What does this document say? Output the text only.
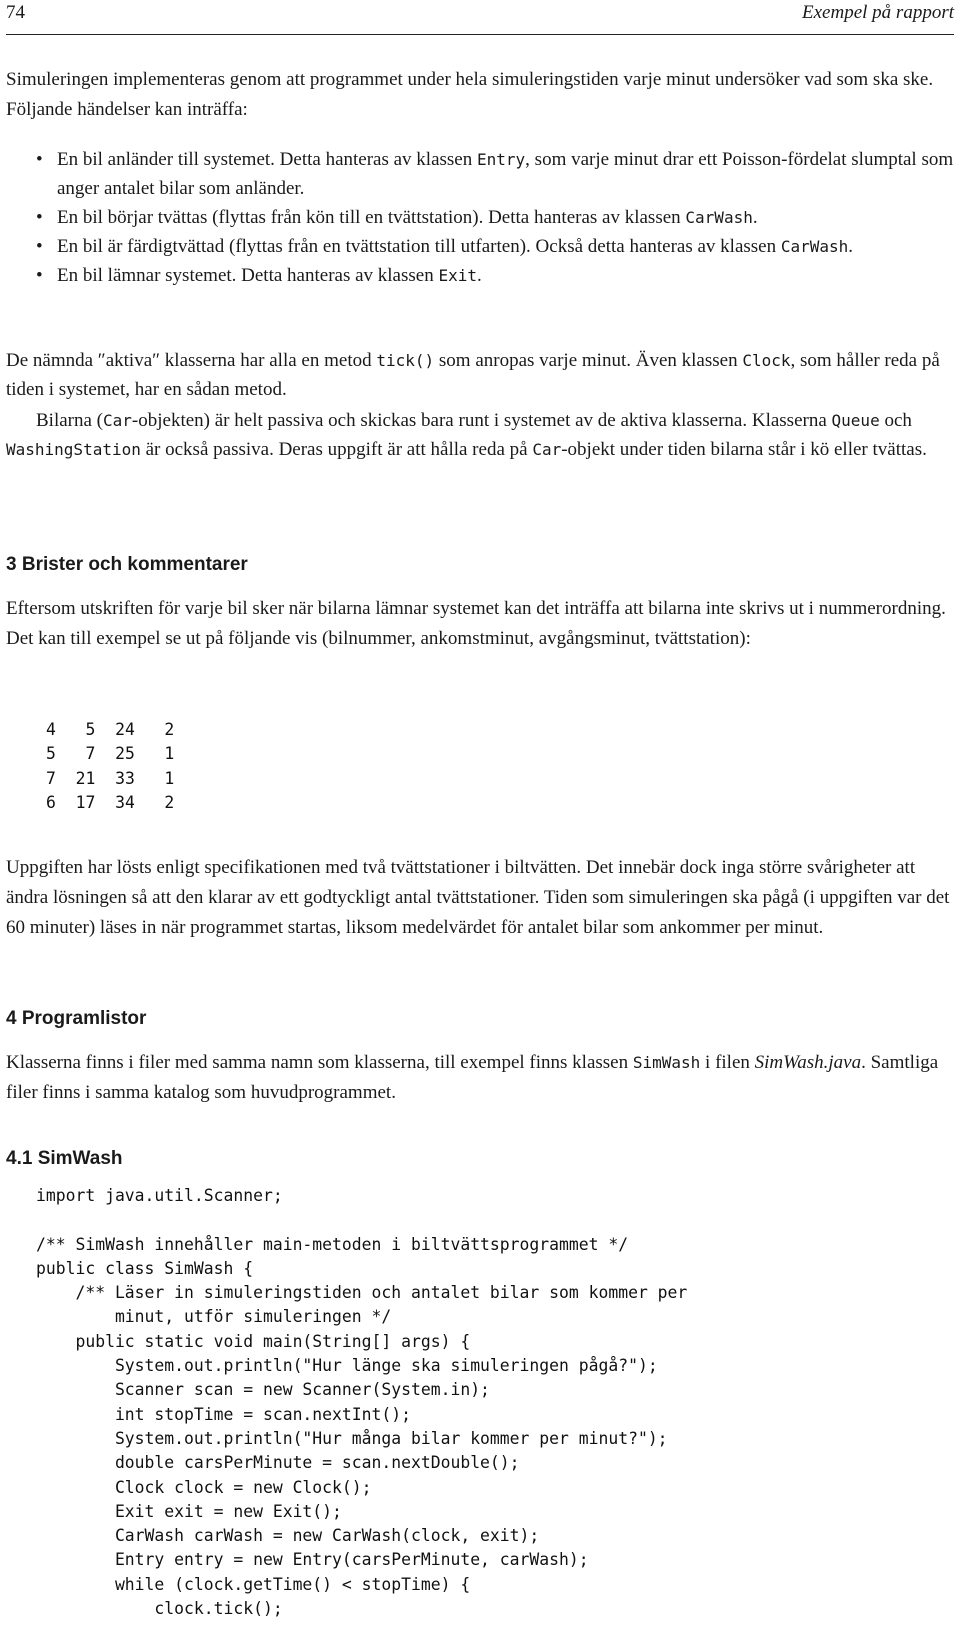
74	Exempel på rapport

Simuleringen implementeras genom att programmet under hela simuleringstiden varje minut undersöker vad som ska ske. Följande händelser kan inträffa:

• En bil anländer till systemet. Detta hanteras av klassen Entry, som varje minut drar ett Poisson-fördelat slumptal som anger antalet bilar som anländer.
• En bil börjar tvättas (flyttas från kön till en tvättstation). Detta hanteras av klassen CarWash.
• En bil är färdigtvättad (flyttas från en tvättstation till utfarten). Också detta hanteras av klassen CarWash.
• En bil lämnar systemet. Detta hanteras av klassen Exit.

De nämnda ″aktiva″ klasserna har alla en metod tick() som anropas varje minut. Även klassen Clock, som håller reda på tiden i systemet, har en sådan metod.

Bilarna (Car-objekten) är helt passiva och skickas bara runt i systemet av de aktiva klasserna. Klasserna Queue och WashingStation är också passiva. Deras uppgift är att hålla reda på Car-objekt under tiden bilarna står i kö eller tvättas.

3 Brister och kommentarer

Eftersom utskriften för varje bil sker när bilarna lämnar systemet kan det inträffa att bilarna inte skrivs ut i nummerordning. Det kan till exempel se ut på följande vis (bilnummer, ankomstminut, avgångsminut, tvättstation):

4   5  24   2
5   7  25   1
7  21  33   1
6  17  34   2

Uppgiften har lösts enligt specifikationen med två tvättstationer i biltvätten. Det innebär dock inga större svårigheter att ändra lösningen så att den klarar av ett godtyckligt antal tvättstationer. Tiden som simuleringen ska pågå (i uppgiften var det 60 minuter) läses in när programmet startas, liksom medelvärdet för antalet bilar som ankommer per minut.

4 Programlistor

Klasserna finns i filer med samma namn som klasserna, till exempel finns klassen SimWash i filen SimWash.java. Samtliga filer finns i samma katalog som huvudprogrammet.

4.1 SimWash
import java.util.Scanner;

/** SimWash innehåller main-metoden i biltvättsprogrammet */
public class SimWash {
/** Läser in simuleringstiden och antalet bilar som kommer per
minut, utför simuleringen */
public static void main(String[] args) {
System.out.println("Hur länge ska simuleringen pågå?");
Scanner scan = new Scanner(System.in);
int stopTime = scan.nextInt();
System.out.println("Hur många bilar kommer per minut?");
double carsPerMinute = scan.nextDouble();
Clock clock = new Clock();
Exit exit = new Exit();
CarWash carWash = new CarWash(clock, exit);
Entry entry = new Entry(carsPerMinute, carWash);
while (clock.getTime() < stopTime) {
clock.tick();
